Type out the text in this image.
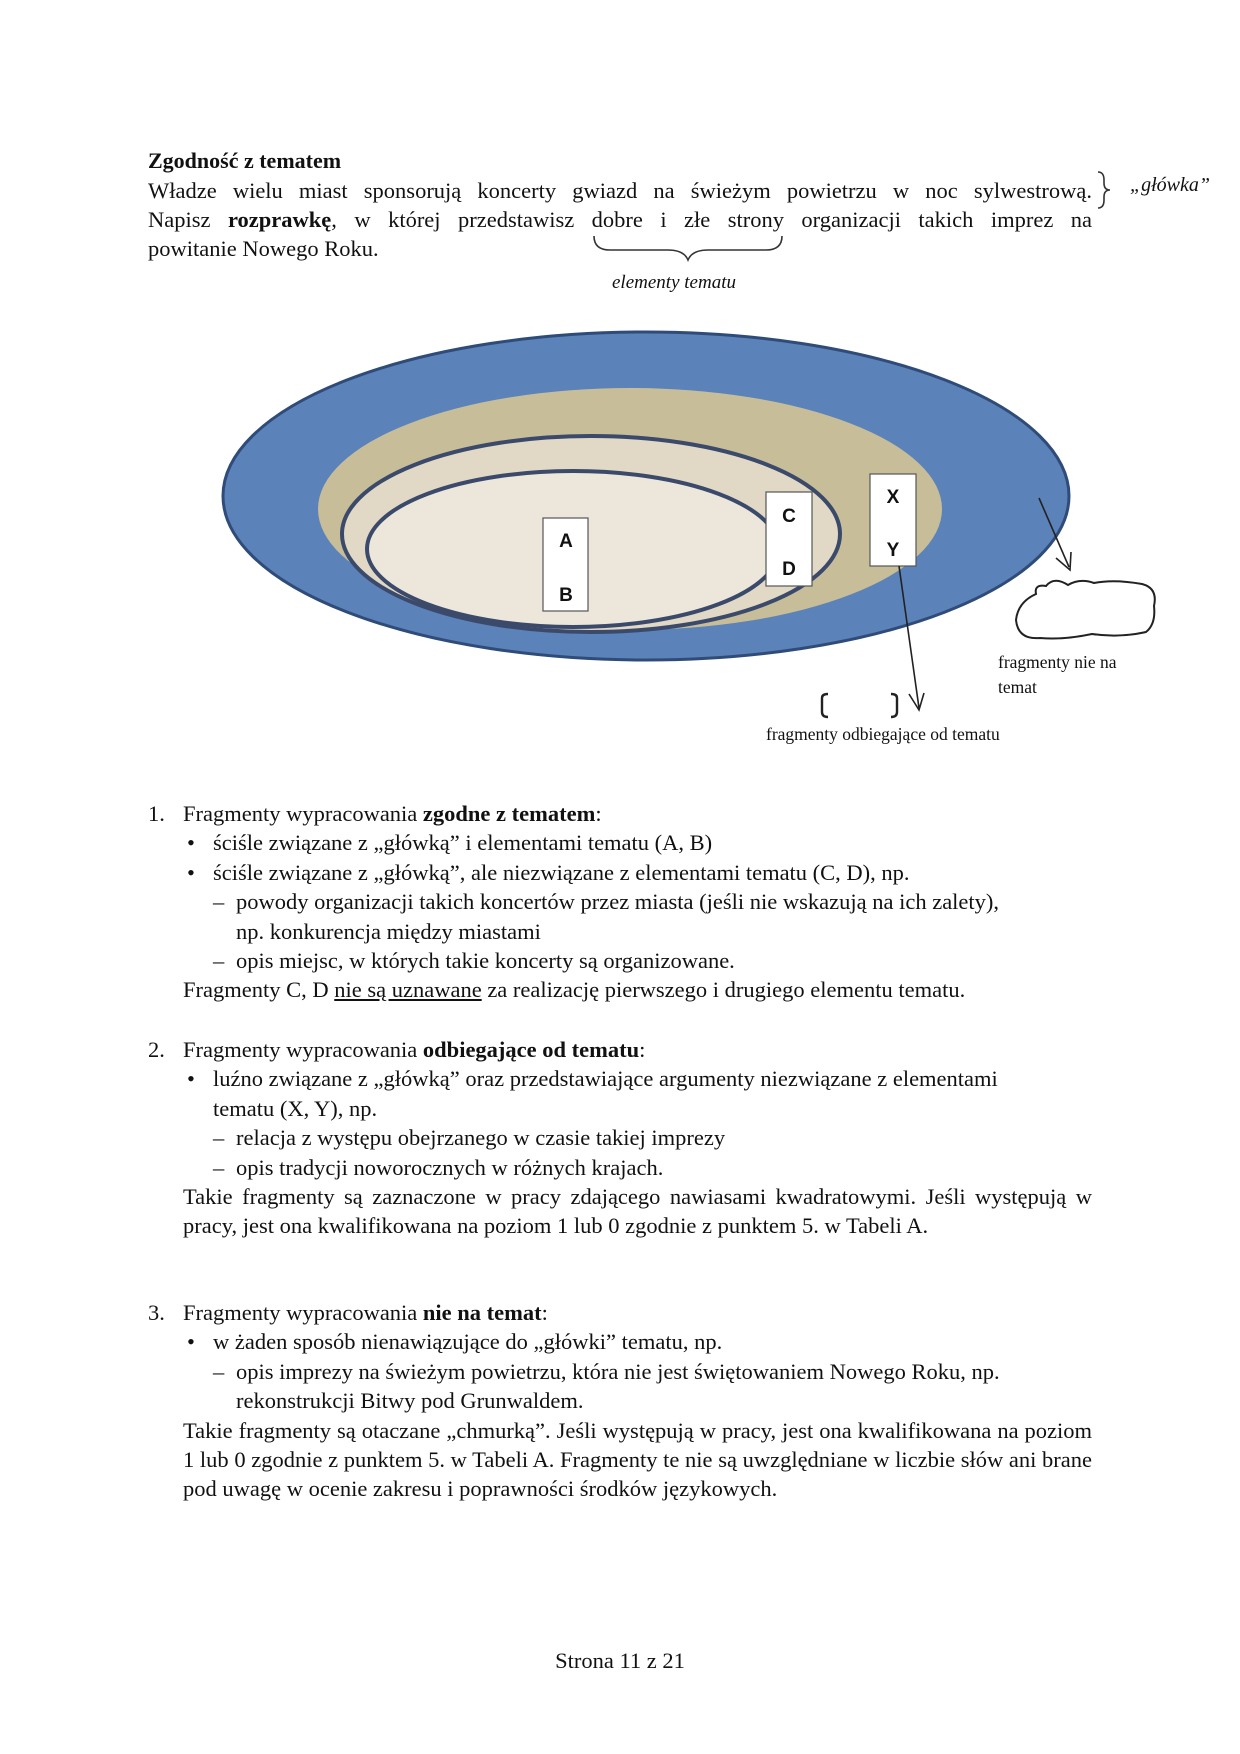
Zgodność z tematem
Władze wielu miast sponsorują koncerty gwiazd na świeżym powietrzu w noc sylwestrową.
Napisz rozprawkę, w której przedstawisz dobre i złe strony organizacji takich imprez na
powitanie Nowego Roku.
„główka”
elementy tematu
A
B
C
D
X
Y
fragmenty nie na
temat
fragmenty odbiegające od tematu
1. Fragmenty wypracowania zgodne z tematem:
• ściśle związane z „główką” i elementami tematu (A, B)
• ściśle związane z „główką”, ale niezwiązane z elementami tematu (C, D), np.
– powody organizacji takich koncertów przez miasta (jeśli nie wskazują na ich zalety),
np. konkurencja między miastami
– opis miejsc, w których takie koncerty są organizowane.
Fragmenty C, D nie są uznawane za realizację pierwszego i drugiego elementu tematu.
2. Fragmenty wypracowania odbiegające od tematu:
• luźno związane z „główką” oraz przedstawiające argumenty niezwiązane z elementami
tematu (X, Y), np.
– relacja z występu obejrzanego w czasie takiej imprezy
– opis tradycji noworocznych w różnych krajach.
Takie fragmenty są zaznaczone w pracy zdającego nawiasami kwadratowymi. Jeśli występują w pracy, jest ona kwalifikowana na poziom 1 lub 0 zgodnie z punktem 5. w Tabeli A.
3. Fragmenty wypracowania nie na temat:
• w żaden sposób nienawiązujące do „główki” tematu, np.
– opis imprezy na świeżym powietrzu, która nie jest świętowaniem Nowego Roku, np.
rekonstrukcji Bitwy pod Grunwaldem.
Takie fragmenty są otaczane „chmurką”. Jeśli występują w pracy, jest ona kwalifikowana na poziom 1 lub 0 zgodnie z punktem 5. w Tabeli A. Fragmenty te nie są uwzględniane w liczbie słów ani brane pod uwagę w ocenie zakresu i poprawności środków językowych.
Strona 11 z 21
